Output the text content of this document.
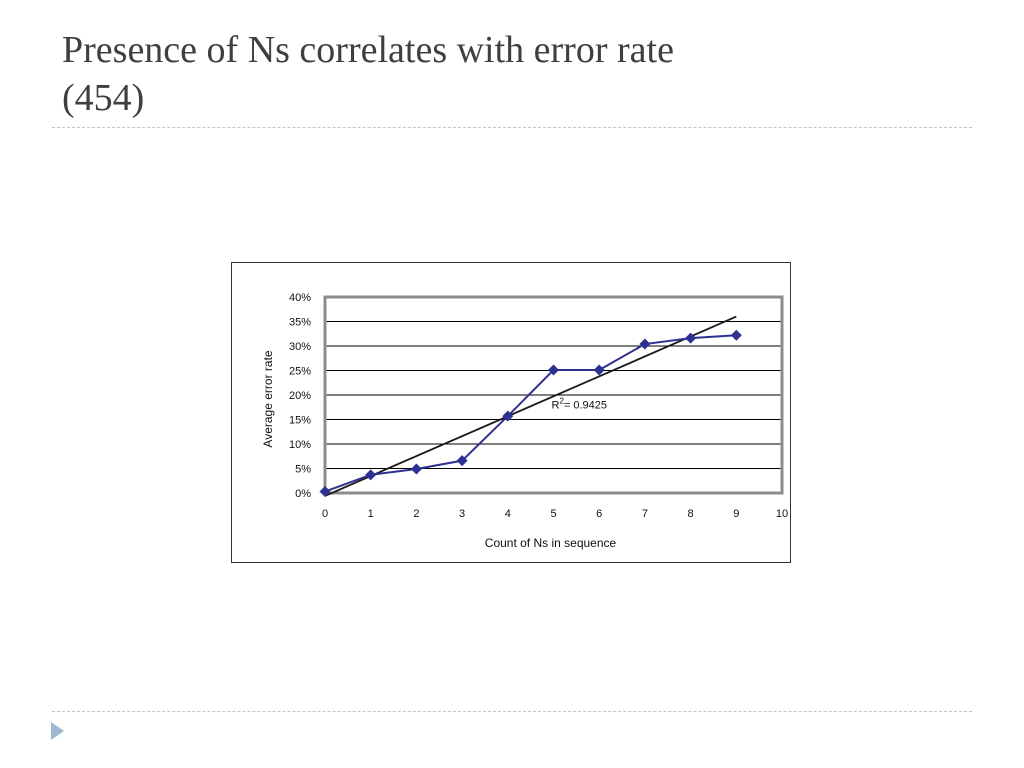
Presence of Ns correlates with error rate
(454)
0%
5%
10%
15%
20%
25%
30%
35%
40%
0	1	2	3	4	5	6	7	8	9	10
$R^2= 0.9425$
Count of Ns in sequence
Average error rate
